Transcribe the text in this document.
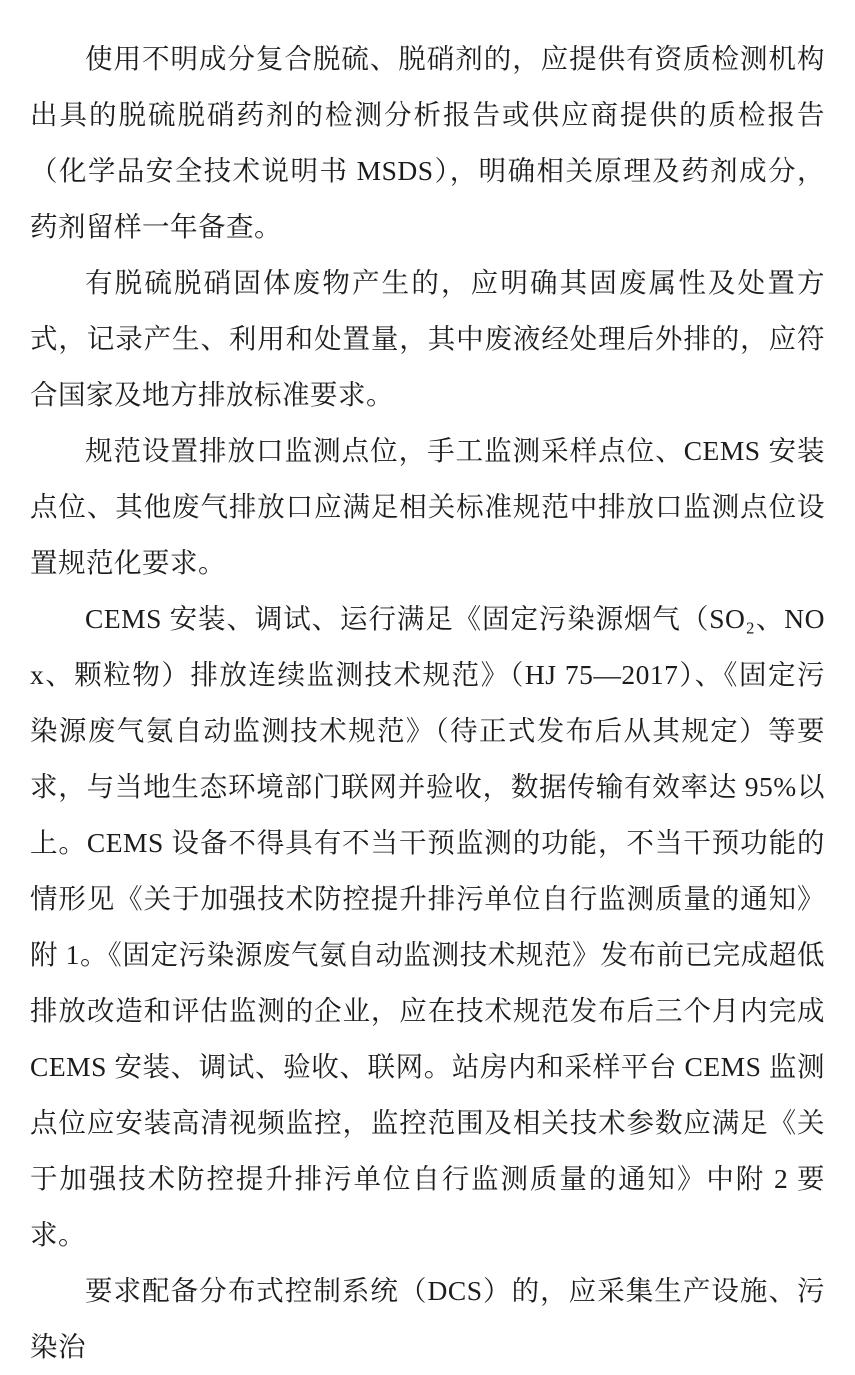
使用不明成分复合脱硫、脱硝剂的，应提供有资质检测机构出具的脱硫脱硝药剂的检测分析报告或供应商提供的质检报告（化学品安全技术说明书 MSDS），明确相关原理及药剂成分，药剂留样一年备查。

有脱硫脱硝固体废物产生的，应明确其固废属性及处置方式，记录产生、利用和处置量，其中废液经处理后外排的，应符合国家及地方排放标准要求。

规范设置排放口监测点位，手工监测采样点位、CEMS 安装点位、其他废气排放口应满足相关标准规范中排放口监测点位设置规范化要求。

CEMS 安装、调试、运行满足《固定污染源烟气（SO₂、NOx、颗粒物）排放连续监测技术规范》（HJ 75—2017）、《固定污染源废气氨自动监测技术规范》（待正式发布后从其规定）等要求，与当地生态环境部门联网并验收，数据传输有效率达 95%以上。CEMS 设备不得具有不当干预监测的功能，不当干预功能的情形见《关于加强技术防控提升排污单位自行监测质量的通知》附 1。《固定污染源废气氨自动监测技术规范》发布前已完成超低排放改造和评估监测的企业，应在技术规范发布后三个月内完成 CEMS 安装、调试、验收、联网。站房内和采样平台 CEMS 监测点位应安装高清视频监控，监控范围及相关技术参数应满足《关于加强技术防控提升排污单位自行监测质量的通知》中附 2 要求。

要求配备分布式控制系统（DCS）的，应采集生产设施、污染治
